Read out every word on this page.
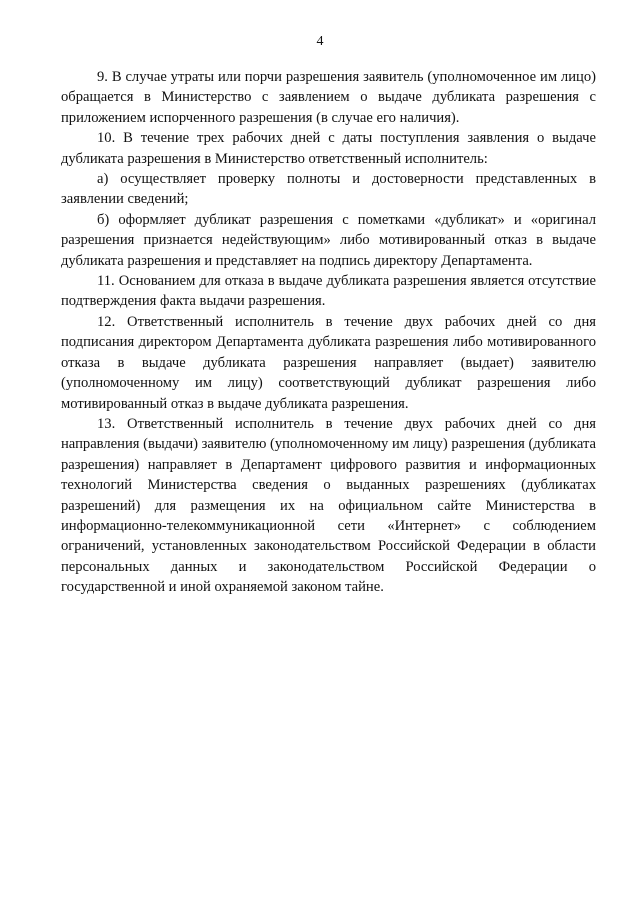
4

9. В случае утраты или порчи разрешения заявитель (уполномоченное им лицо) обращается в Министерство с заявлением о выдаче дубликата разрешения с приложением испорченного разрешения (в случае его наличия).

10. В течение трех рабочих дней с даты поступления заявления о выдаче дубликата разрешения в Министерство ответственный исполнитель:

а) осуществляет проверку полноты и достоверности представленных в заявлении сведений;

б) оформляет дубликат разрешения с пометками «дубликат» и «оригинал разрешения признается недействующим» либо мотивированный отказ в выдаче дубликата разрешения и представляет на подпись директору Департамента.

11. Основанием для отказа в выдаче дубликата разрешения является отсутствие подтверждения факта выдачи разрешения.

12. Ответственный исполнитель в течение двух рабочих дней со дня подписания директором Департамента дубликата разрешения либо мотивированного отказа в выдаче дубликата разрешения направляет (выдает) заявителю (уполномоченному им лицу) соответствующий дубликат разрешения либо мотивированный отказ в выдаче дубликата разрешения.

13. Ответственный исполнитель в течение двух рабочих дней со дня направления (выдачи) заявителю (уполномоченному им лицу) разрешения (дубликата разрешения) направляет в Департамент цифрового развития и информационных технологий Министерства сведения о выданных разрешениях (дубликатах разрешений) для размещения их на официальном сайте Министерства в информационно-телекоммуникационной сети «Интернет» с соблюдением ограничений, установленных законодательством Российской Федерации в области персональных данных и законодательством Российской Федерации о государственной и иной охраняемой законом тайне.
